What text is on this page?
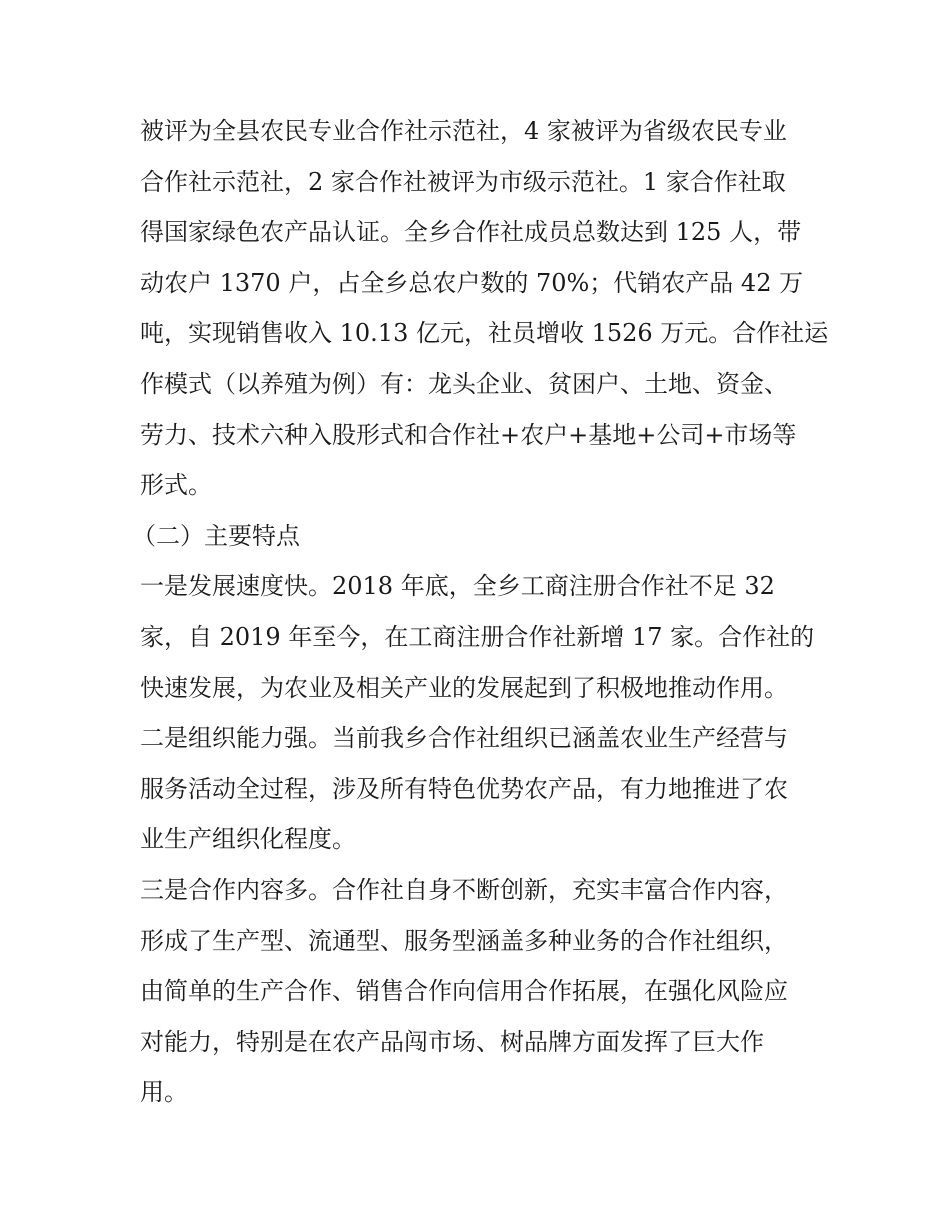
被评为全县农民专业合作社示范社，4 家被评为省级农民专业
合作社示范社，2 家合作社被评为市级示范社。1 家合作社取
得国家绿色农产品认证。全乡合作社成员总数达到 125 人，带
动农户 1370 户，占全乡总农户数的 70%；代销农产品 42 万
吨，实现销售收入 10.13 亿元，社员增收 1526 万元。合作社运
作模式（以养殖为例）有：龙头企业、贫困户、土地、资金、
劳力、技术六种入股形式和合作社+农户+基地+公司+市场等
形式。
（二）主要特点
一是发展速度快。2018 年底，全乡工商注册合作社不足 32
家，自 2019 年至今，在工商注册合作社新增 17 家。合作社的
快速发展，为农业及相关产业的发展起到了积极地推动作用。
二是组织能力强。当前我乡合作社组织已涵盖农业生产经营与
服务活动全过程，涉及所有特色优势农产品，有力地推进了农
业生产组织化程度。
三是合作内容多。合作社自身不断创新，充实丰富合作内容，
形成了生产型、流通型、服务型涵盖多种业务的合作社组织，
由简单的生产合作、销售合作向信用合作拓展，在强化风险应
对能力，特别是在农产品闯市场、树品牌方面发挥了巨大作
用。
